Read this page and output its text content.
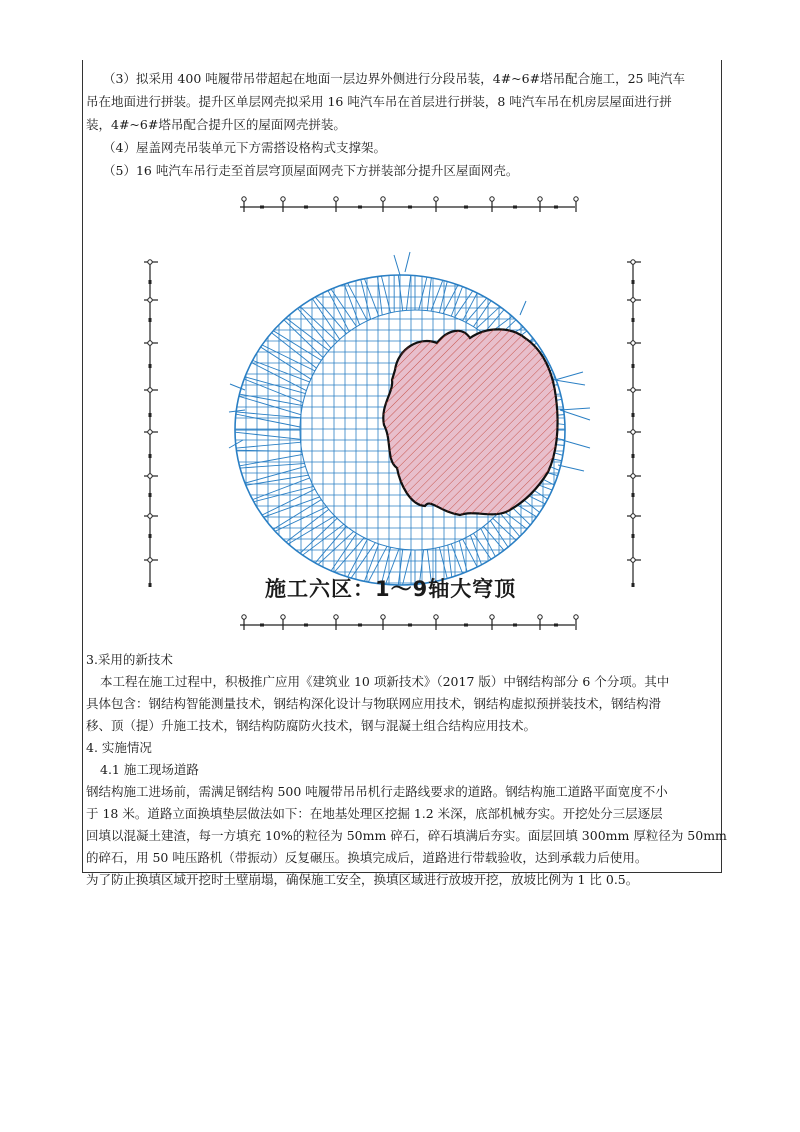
（3）拟采用 400 吨履带吊带超起在地面一层边界外侧进行分段吊装，4#~6#塔吊配合施工，25 吨汽车
吊在地面进行拼装。提升区单层网壳拟采用 16 吨汽车吊在首层进行拼装，8 吨汽车吊在机房层屋面进行拼
装，4#~6#塔吊配合提升区的屋面网壳拼装。
（4）屋盖网壳吊装单元下方需搭设格构式支撑架。
（5）16 吨汽车吊行走至首层穹顶屋面网壳下方拼装部分提升区屋面网壳。
施工六区：1～9轴大穹顶
3.采用的新技术
本工程在施工过程中，积极推广应用《建筑业 10 项新技术》（2017 版）中钢结构部分 6 个分项。其中
具体包含：钢结构智能测量技术，钢结构深化设计与物联网应用技术，钢结构虚拟预拼装技术，钢结构滑
移、顶（提）升施工技术，钢结构防腐防火技术，钢与混凝土组合结构应用技术。
4. 实施情况
4.1 施工现场道路
钢结构施工进场前，需满足钢结构 500 吨履带吊吊机行走路线要求的道路。钢结构施工道路平面宽度不小
于 18 米。道路立面换填垫层做法如下：在地基处理区挖掘 1.2 米深，底部机械夯实。开挖处分三层逐层
回填以混凝土建渣，每一方填充 10%的粒径为 50mm 碎石，碎石填满后夯实。面层回填 300mm 厚粒径为 50mm
的碎石，用 50 吨压路机（带振动）反复碾压。换填完成后，道路进行带载验收，达到承载力后使用。
为了防止换填区域开挖时土壁崩塌，确保施工安全，换填区域进行放坡开挖，放坡比例为 1 比 0.5。
